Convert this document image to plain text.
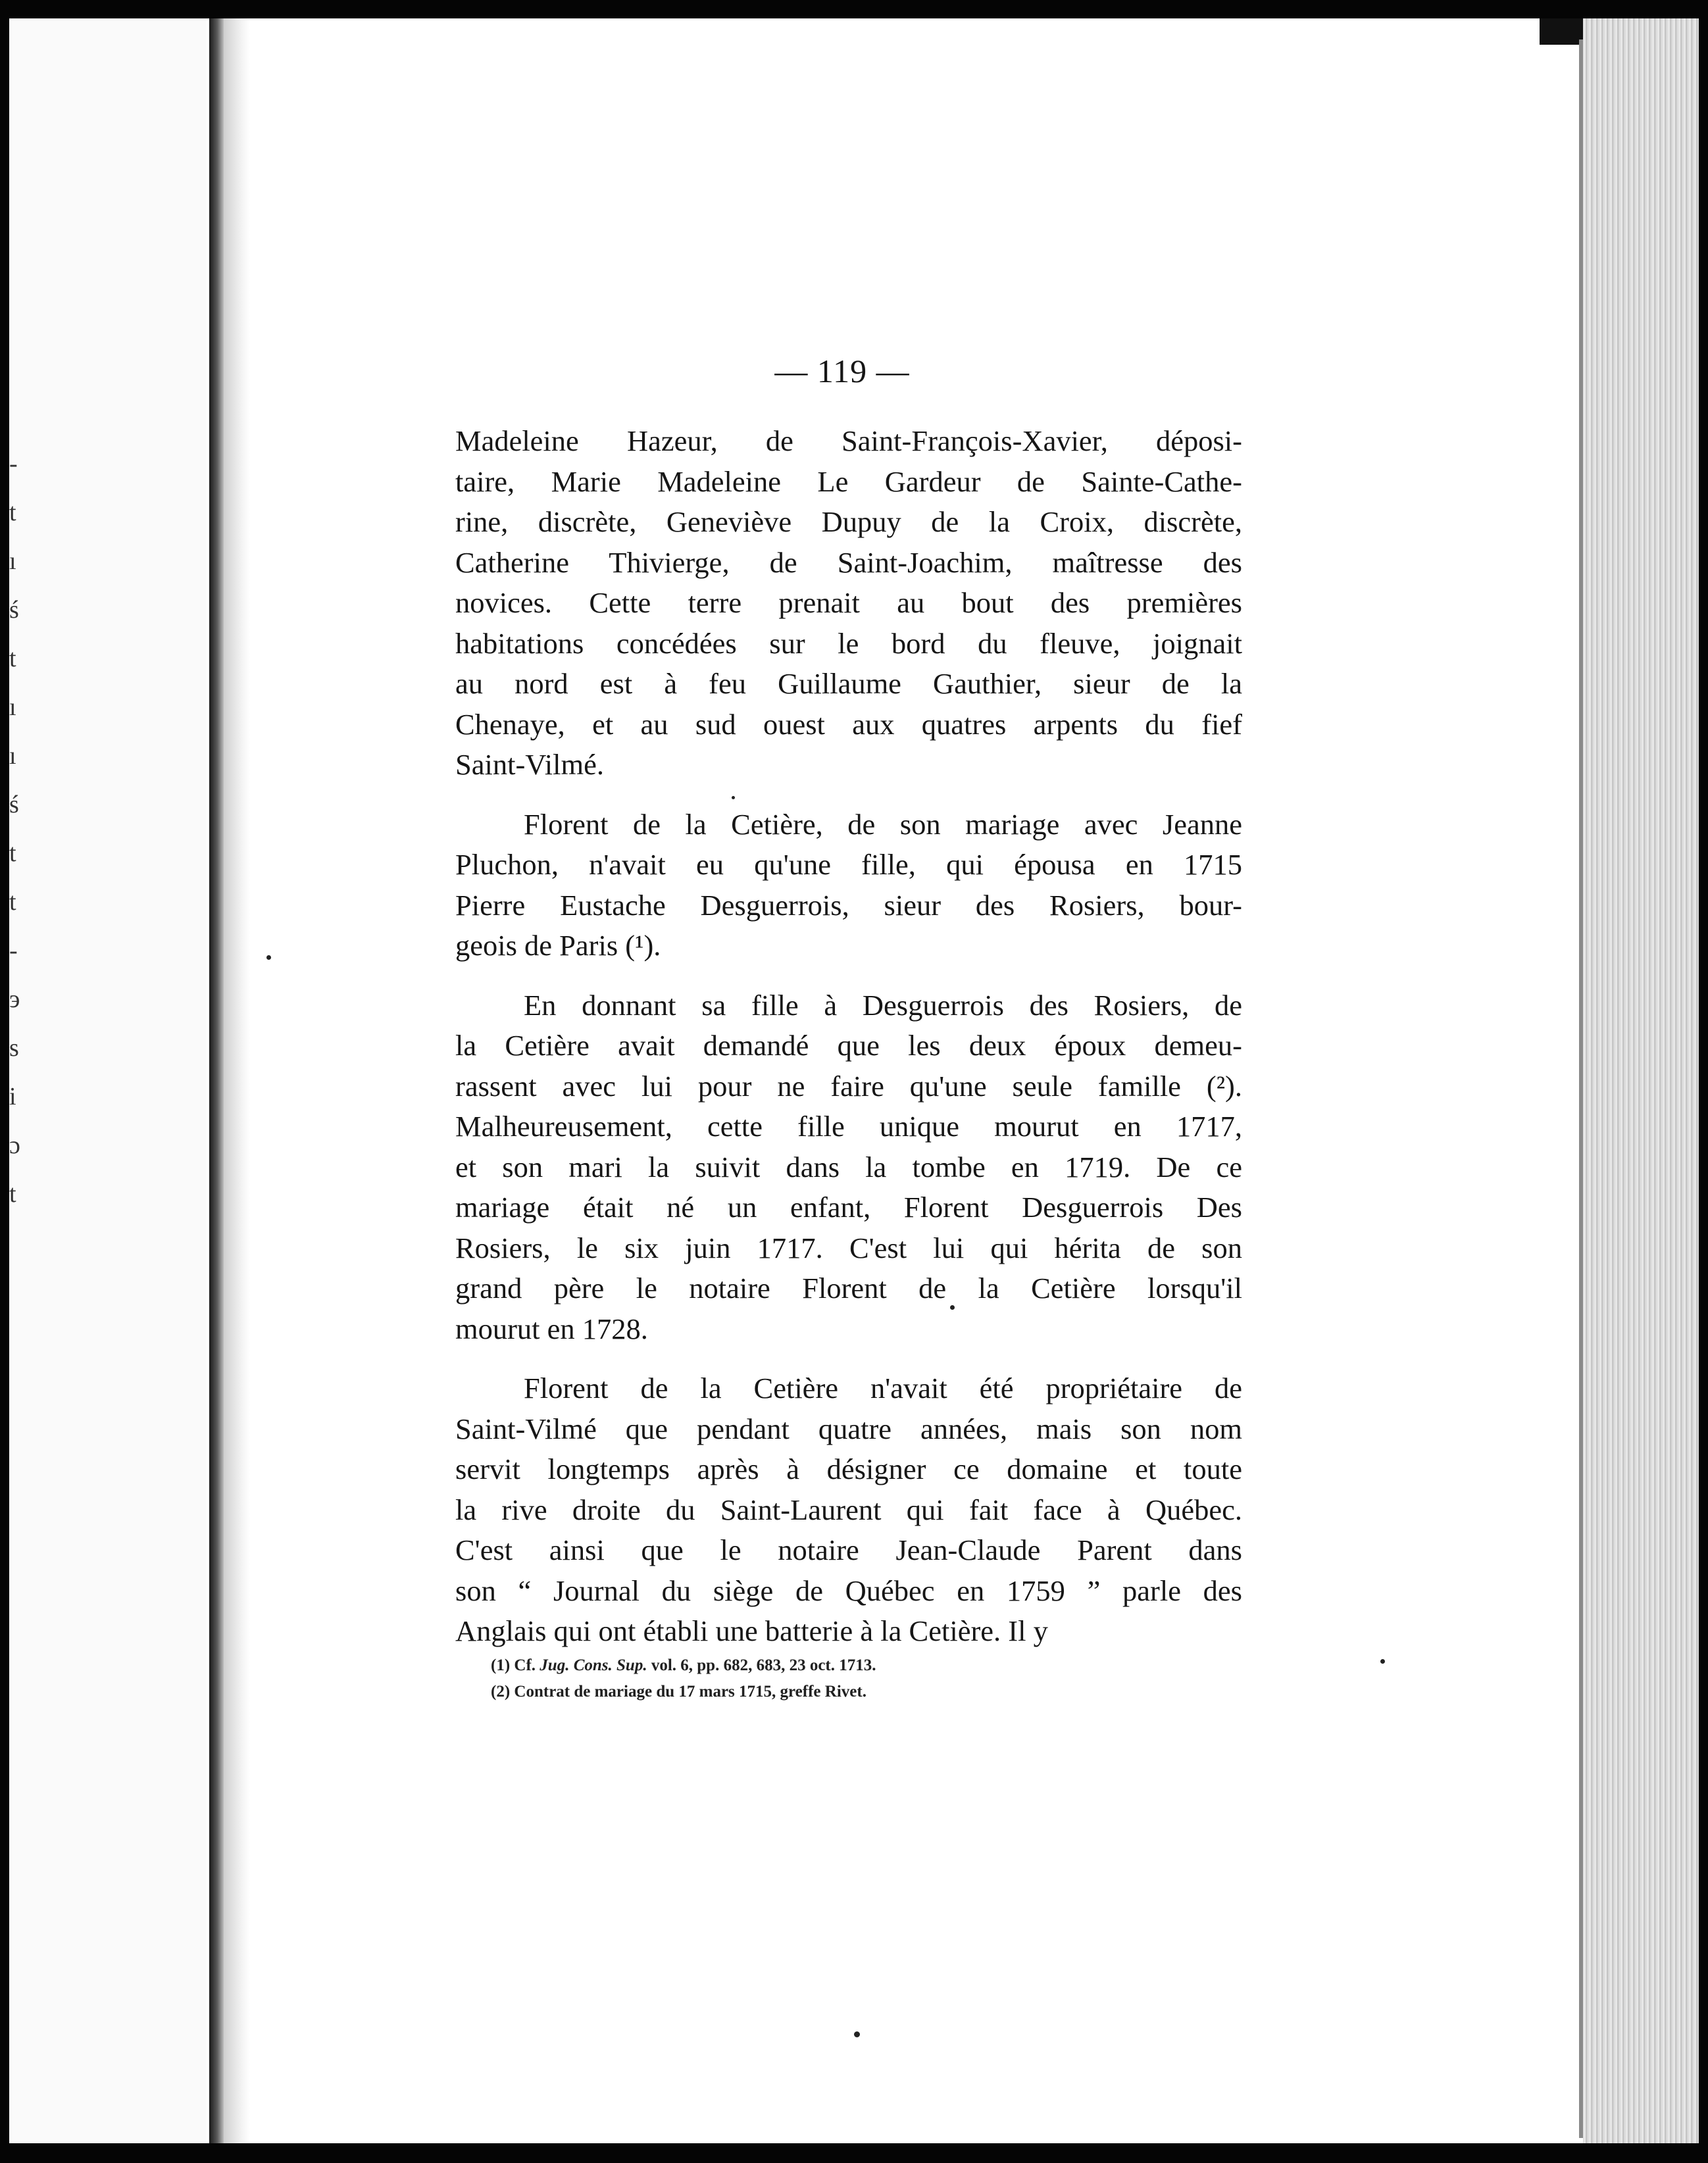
-
t
ı
ś
t
ı
ı
ś
t
t
-
э
s
i
ɔ
t
— 119 —

Madeleine Hazeur, de Saint-François-Xavier, déposi-
taire, Marie Madeleine Le Gardeur de Sainte-Cathe-
rine, discrète, Geneviève Dupuy de la Croix, discrète,
Catherine Thivierge, de Saint-Joachim, maîtresse des
novices. Cette terre prenait au bout des premières
habitations concédées sur le bord du fleuve, joignait
au nord est à feu Guillaume Gauthier, sieur de la
Chenaye, et au sud ouest aux quatres arpents du fief
Saint-Vilmé.

Florent de la Cetière, de son mariage avec Jeanne
Pluchon, n'avait eu qu'une fille, qui épousa en 1715
Pierre Eustache Desguerrois, sieur des Rosiers, bour-
geois de Paris (¹).

En donnant sa fille à Desguerrois des Rosiers, de
la Cetière avait demandé que les deux époux demeu-
rassent avec lui pour ne faire qu'une seule famille (²).
Malheureusement, cette fille unique mourut en 1717,
et son mari la suivit dans la tombe en 1719. De ce
mariage était né un enfant, Florent Desguerrois Des
Rosiers, le six juin 1717. C'est lui qui hérita de son
grand père le notaire Florent de la Cetière lorsqu'il
mourut en 1728.

Florent de la Cetière n'avait été propriétaire de
Saint-Vilmé que pendant quatre années, mais son nom
servit longtemps après à désigner ce domaine et toute
la rive droite du Saint-Laurent qui fait face à Québec.
C'est ainsi que le notaire Jean-Claude Parent dans
son “ Journal du siège de Québec en 1759 ” parle des
Anglais qui ont établi une batterie à la Cetière. Il y

(1) Cf. Jug. Cons. Sup. vol. 6, pp. 682, 683, 23 oct. 1713.
(2) Contrat de mariage du 17 mars 1715, greffe Rivet.
